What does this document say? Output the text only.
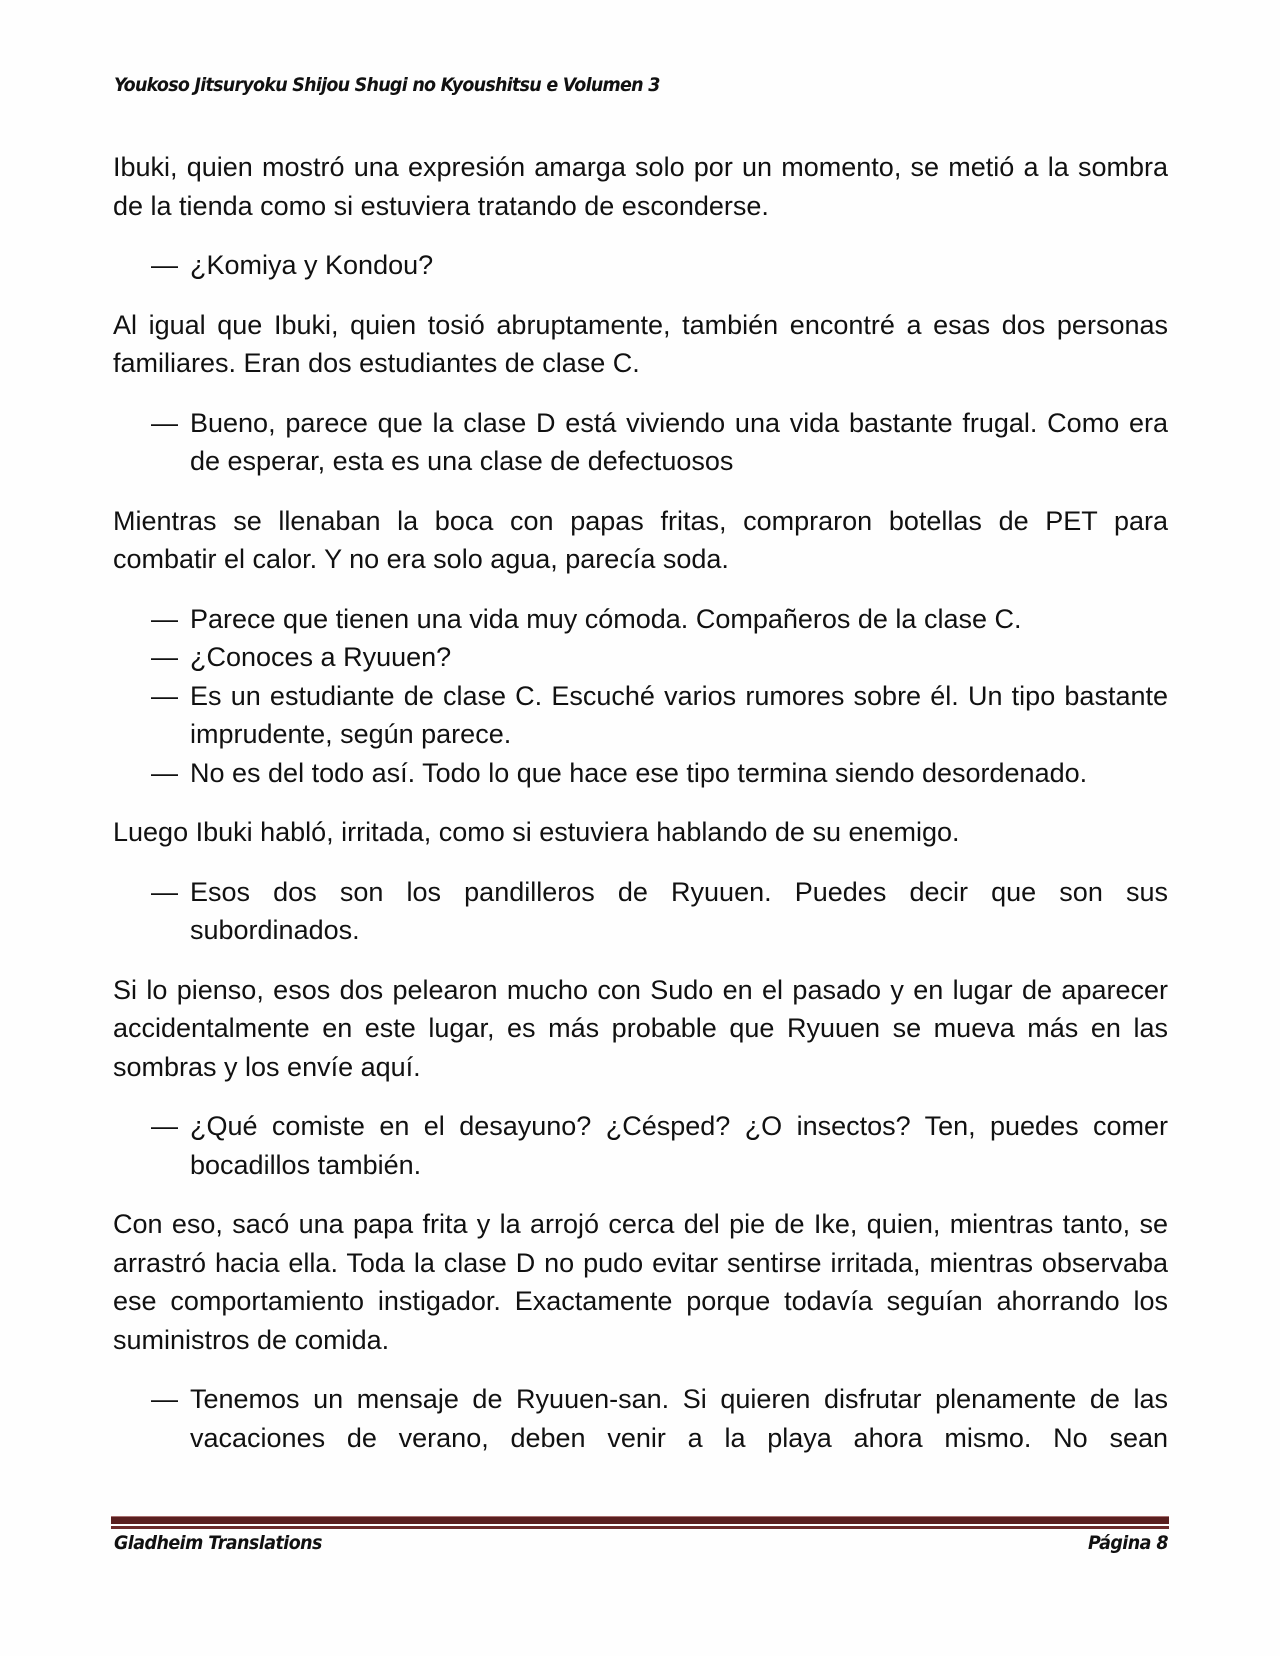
Youkoso Jitsuryoku Shijou Shugi no Kyoushitsu e Volumen 3

Ibuki, quien mostró una expresión amarga solo por un momento, se metió a la sombra de la tienda como si estuviera tratando de esconderse.

— ¿Komiya y Kondou?

Al igual que Ibuki, quien tosió abruptamente, también encontré a esas dos personas familiares. Eran dos estudiantes de clase C.

— Bueno, parece que la clase D está viviendo una vida bastante frugal. Como era de esperar, esta es una clase de defectuosos

Mientras se llenaban la boca con papas fritas, compraron botellas de PET para combatir el calor. Y no era solo agua, parecía soda.

— Parece que tienen una vida muy cómoda. Compañeros de la clase C.
— ¿Conoces a Ryuuen?
— Es un estudiante de clase C. Escuché varios rumores sobre él. Un tipo bastante imprudente, según parece.
— No es del todo así. Todo lo que hace ese tipo termina siendo desordenado.

Luego Ibuki habló, irritada, como si estuviera hablando de su enemigo.

— Esos dos son los pandilleros de Ryuuen. Puedes decir que son sus subordinados.

Si lo pienso, esos dos pelearon mucho con Sudo en el pasado y en lugar de aparecer accidentalmente en este lugar, es más probable que Ryuuen se mueva más en las sombras y los envíe aquí.

— ¿Qué comiste en el desayuno? ¿Césped? ¿O insectos? Ten, puedes comer bocadillos también.

Con eso, sacó una papa frita y la arrojó cerca del pie de Ike, quien, mientras tanto, se arrastró hacia ella. Toda la clase D no pudo evitar sentirse irritada, mientras observaba ese comportamiento instigador. Exactamente porque todavía seguían ahorrando los suministros de comida.

— Tenemos un mensaje de Ryuuen-san. Si quieren disfrutar plenamente de las vacaciones de verano, deben venir a la playa ahora mismo. No sean
Gladheim Translations	Página 8
